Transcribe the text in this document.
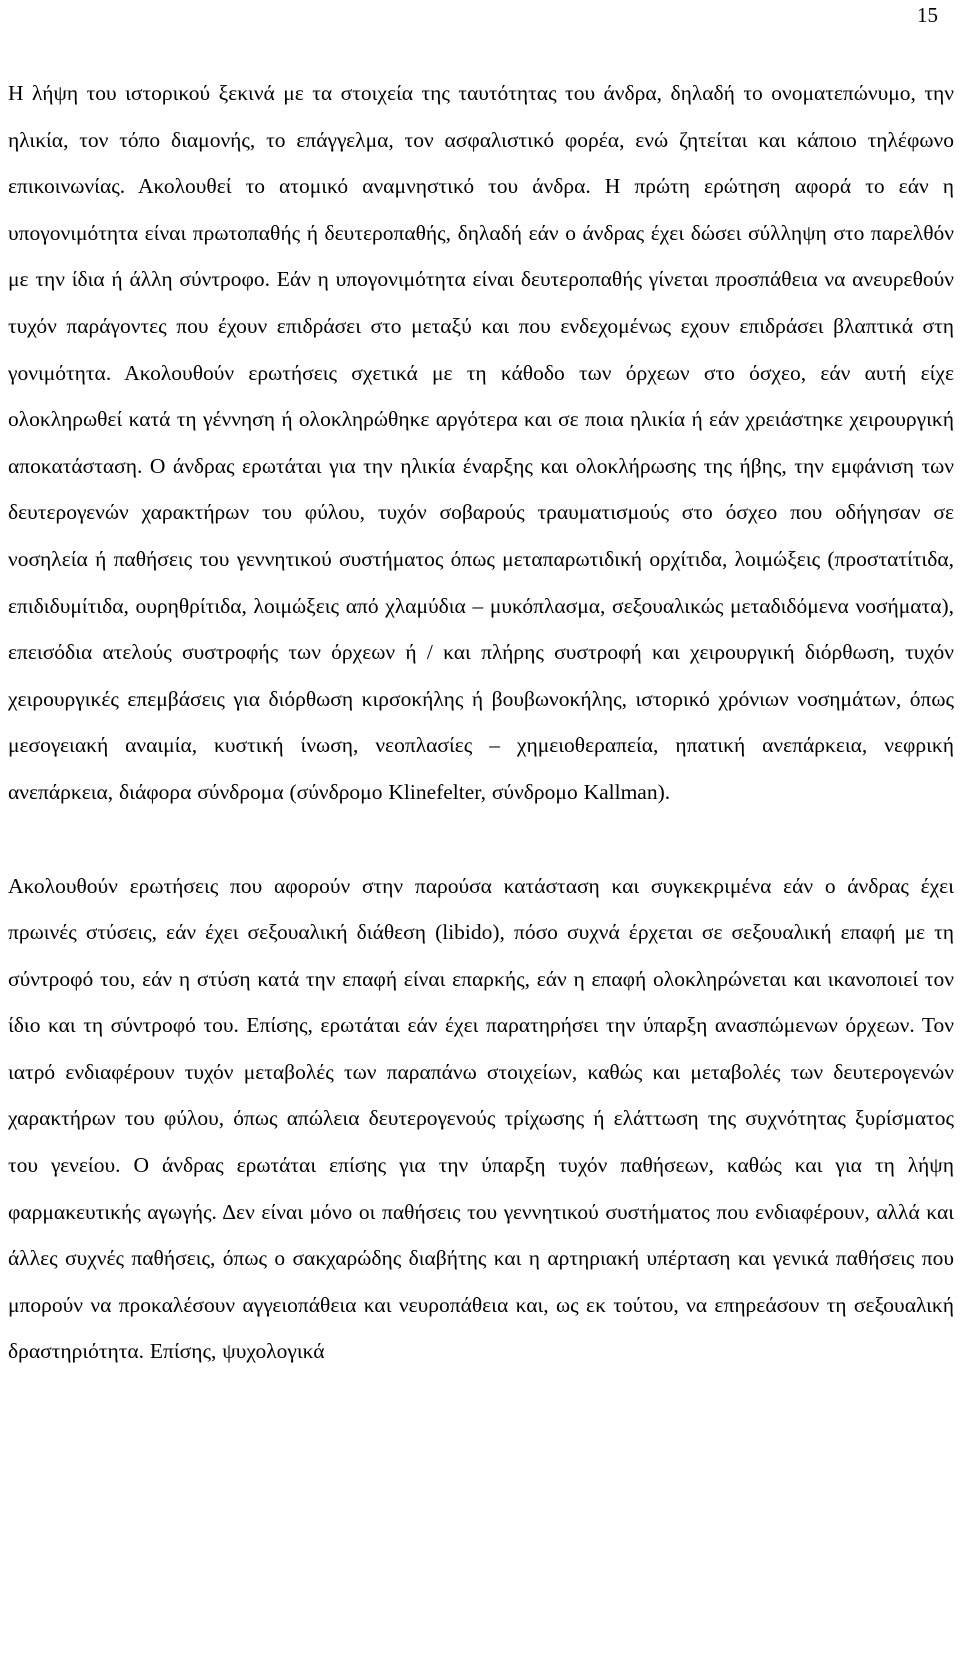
15

Η λήψη του ιστορικού ξεκινά με τα στοιχεία της ταυτότητας του άνδρα, δηλαδή το ονοματεπώνυμο, την ηλικία, τον τόπο διαμονής, το επάγγελμα, τον ασφαλιστικό φορέα, ενώ ζητείται και κάποιο τηλέφωνο επικοινωνίας. Ακολουθεί το ατομικό αναμνηστικό του άνδρα. Η πρώτη ερώτηση αφορά το εάν η υπογονιμότητα είναι πρωτοπαθής ή δευτεροπαθής, δηλαδή εάν ο άνδρας έχει δώσει σύλληψη στο παρελθόν με την ίδια ή άλλη σύντροφο. Εάν η υπογονιμότητα είναι δευτεροπαθής γίνεται προσπάθεια να ανευρεθούν τυχόν παράγοντες που έχουν επιδράσει στο μεταξύ και που ενδεχομένως εχουν επιδράσει βλαπτικά στη γονιμότητα. Ακολουθούν ερωτήσεις σχετικά με τη κάθοδο των όρχεων στο όσχεο, εάν αυτή είχε ολοκληρωθεί κατά τη γέννηση ή ολοκληρώθηκε αργότερα και σε ποια ηλικία ή εάν χρειάστηκε χειρουργική αποκατάσταση. Ο άνδρας ερωτάται για την ηλικία έναρξης και ολοκλήρωσης της ήβης, την εμφάνιση των δευτερογενών χαρακτήρων του φύλου, τυχόν σοβαρούς τραυματισμούς στο όσχεο που οδήγησαν σε νοσηλεία ή παθήσεις του γεννητικού συστήματος όπως μεταπαρωτιδική ορχίτιδα, λοιμώξεις (προστατίτιδα, επιδιδυμίτιδα, ουρηθρίτιδα, λοιμώξεις από χλαμύδια – μυκόπλασμα, σεξουαλικώς μεταδιδόμενα νοσήματα), επεισόδια ατελούς συστροφής των όρχεων ή / και πλήρης συστροφή και χειρουργική διόρθωση, τυχόν χειρουργικές επεμβάσεις για διόρθωση κιρσοκήλης ή βουβωνοκήλης, ιστορικό χρόνιων νοσημάτων, όπως μεσογειακή αναιμία, κυστική ίνωση, νεοπλασίες – χημειοθεραπεία, ηπατική ανεπάρκεια, νεφρική ανεπάρκεια, διάφορα σύνδρομα (σύνδρομο Klinefelter, σύνδρομο Kallman).

Ακολουθούν ερωτήσεις που αφορούν στην παρούσα κατάσταση και συγκεκριμένα εάν ο άνδρας έχει πρωινές στύσεις, εάν έχει σεξουαλική διάθεση (libido), πόσο συχνά έρχεται σε σεξουαλική επαφή με τη σύντροφό του, εάν η στύση κατά την επαφή είναι επαρκής, εάν η επαφή ολοκληρώνεται και ικανοποιεί τον ίδιο και τη σύντροφό του. Επίσης, ερωτάται εάν έχει παρατηρήσει την ύπαρξη ανασπώμενων όρχεων. Τον ιατρό ενδιαφέρουν τυχόν μεταβολές των παραπάνω στοιχείων, καθώς και μεταβολές των δευτερογενών χαρακτήρων του φύλου, όπως απώλεια δευτερογενούς τρίχωσης ή ελάττωση της συχνότητας ξυρίσματος του γενείου. Ο άνδρας ερωτάται επίσης για την ύπαρξη τυχόν παθήσεων, καθώς και για τη λήψη φαρμακευτικής αγωγής. Δεν είναι μόνο οι παθήσεις του γεννητικού συστήματος που ενδιαφέρουν, αλλά και άλλες συχνές παθήσεις, όπως ο σακχαρώδης διαβήτης και η αρτηριακή υπέρταση και γενικά παθήσεις που μπορούν να προκαλέσουν αγγειοπάθεια και νευροπάθεια και, ως εκ τούτου, να επηρεάσουν τη σεξουαλική δραστηριότητα. Επίσης, ψυχολογικά
